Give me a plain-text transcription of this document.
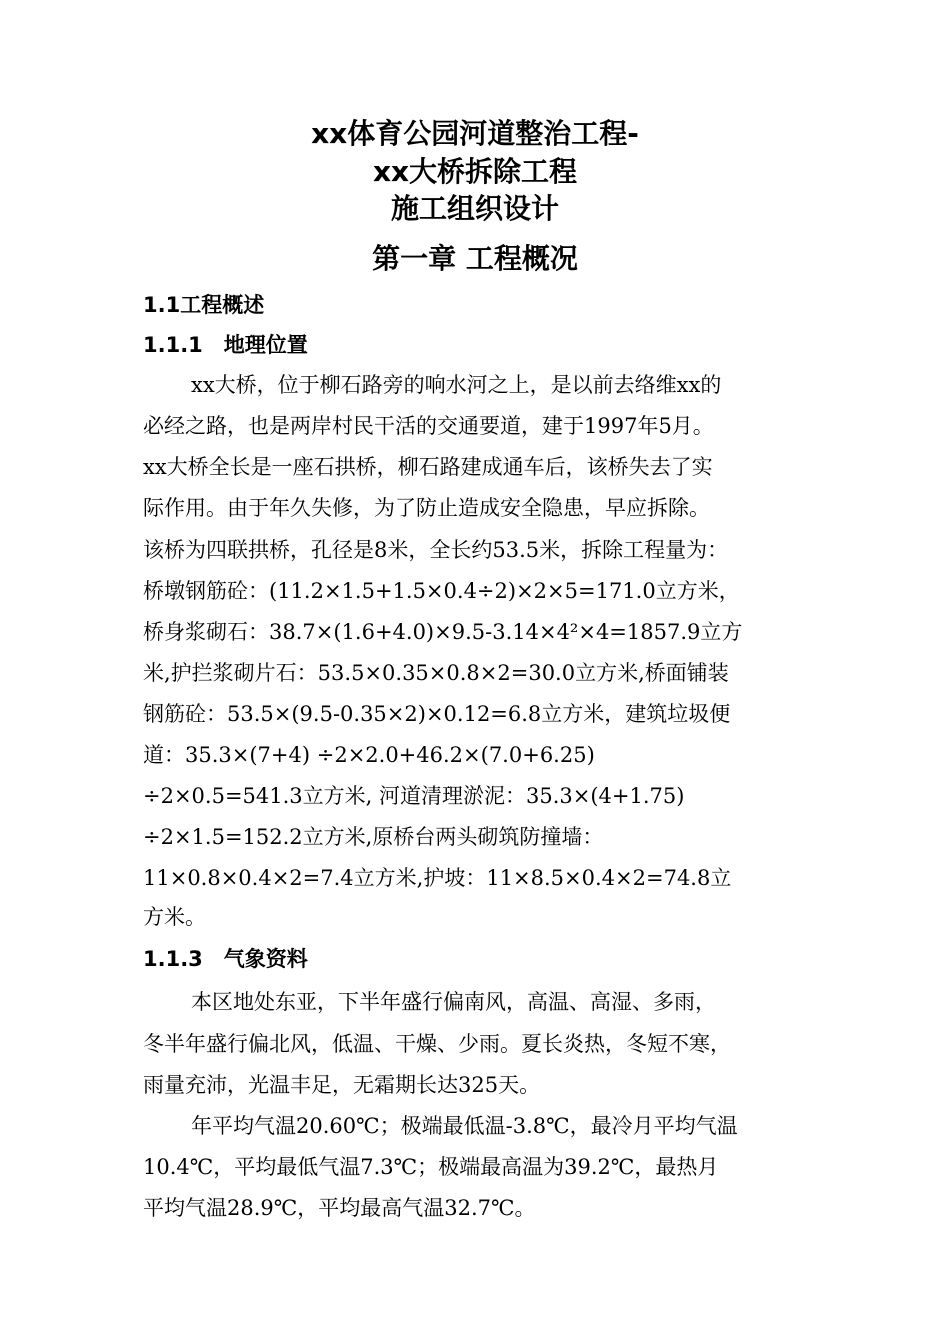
xx体育公园河道整治工程-
xx大桥拆除工程
施工组织设计
第一章 工程概况
1.1工程概述
1.1.1　地理位置
xx大桥，位于柳石路旁的响水河之上，是以前去络维xx的
必经之路，也是两岸村民干活的交通要道，建于1997年5月。
xx大桥全长是一座石拱桥，柳石路建成通车后，该桥失去了实
际作用。由于年久失修，为了防止造成安全隐患，早应拆除。
该桥为四联拱桥，孔径是8米，全长约53.5米，拆除工程量为：
桥墩钢筋砼：(11.2×1.5+1.5×0.4÷2)×2×5=171.0立方米，
桥身浆砌石：38.7×(1.6+4.0)×9.5-3.14×4²×4=1857.9立方
米,护拦浆砌片石：53.5×0.35×0.8×2=30.0立方米,桥面铺装
钢筋砼：53.5×(9.5-0.35×2)×0.12=6.8立方米，建筑垃圾便
道：35.3×(7+4) ÷2×2.0+46.2×(7.0+6.25)
÷2×0.5=541.3立方米, 河道清理淤泥：35.3×(4+1.75)
÷2×1.5=152.2立方米,原桥台两头砌筑防撞墙：
11×0.8×0.4×2=7.4立方米,护坡：11×8.5×0.4×2=74.8立
方米。
1.1.3　气象资料
本区地处东亚，下半年盛行偏南风，高温、高湿、多雨，
冬半年盛行偏北风，低温、干燥、少雨。夏长炎热，冬短不寒，
雨量充沛，光温丰足，无霜期长达325天。
年平均气温20.60℃；极端最低温-3.8℃，最冷月平均气温
10.4℃，平均最低气温7.3℃；极端最高温为39.2℃，最热月
平均气温28.9℃，平均最高气温32.7℃。
